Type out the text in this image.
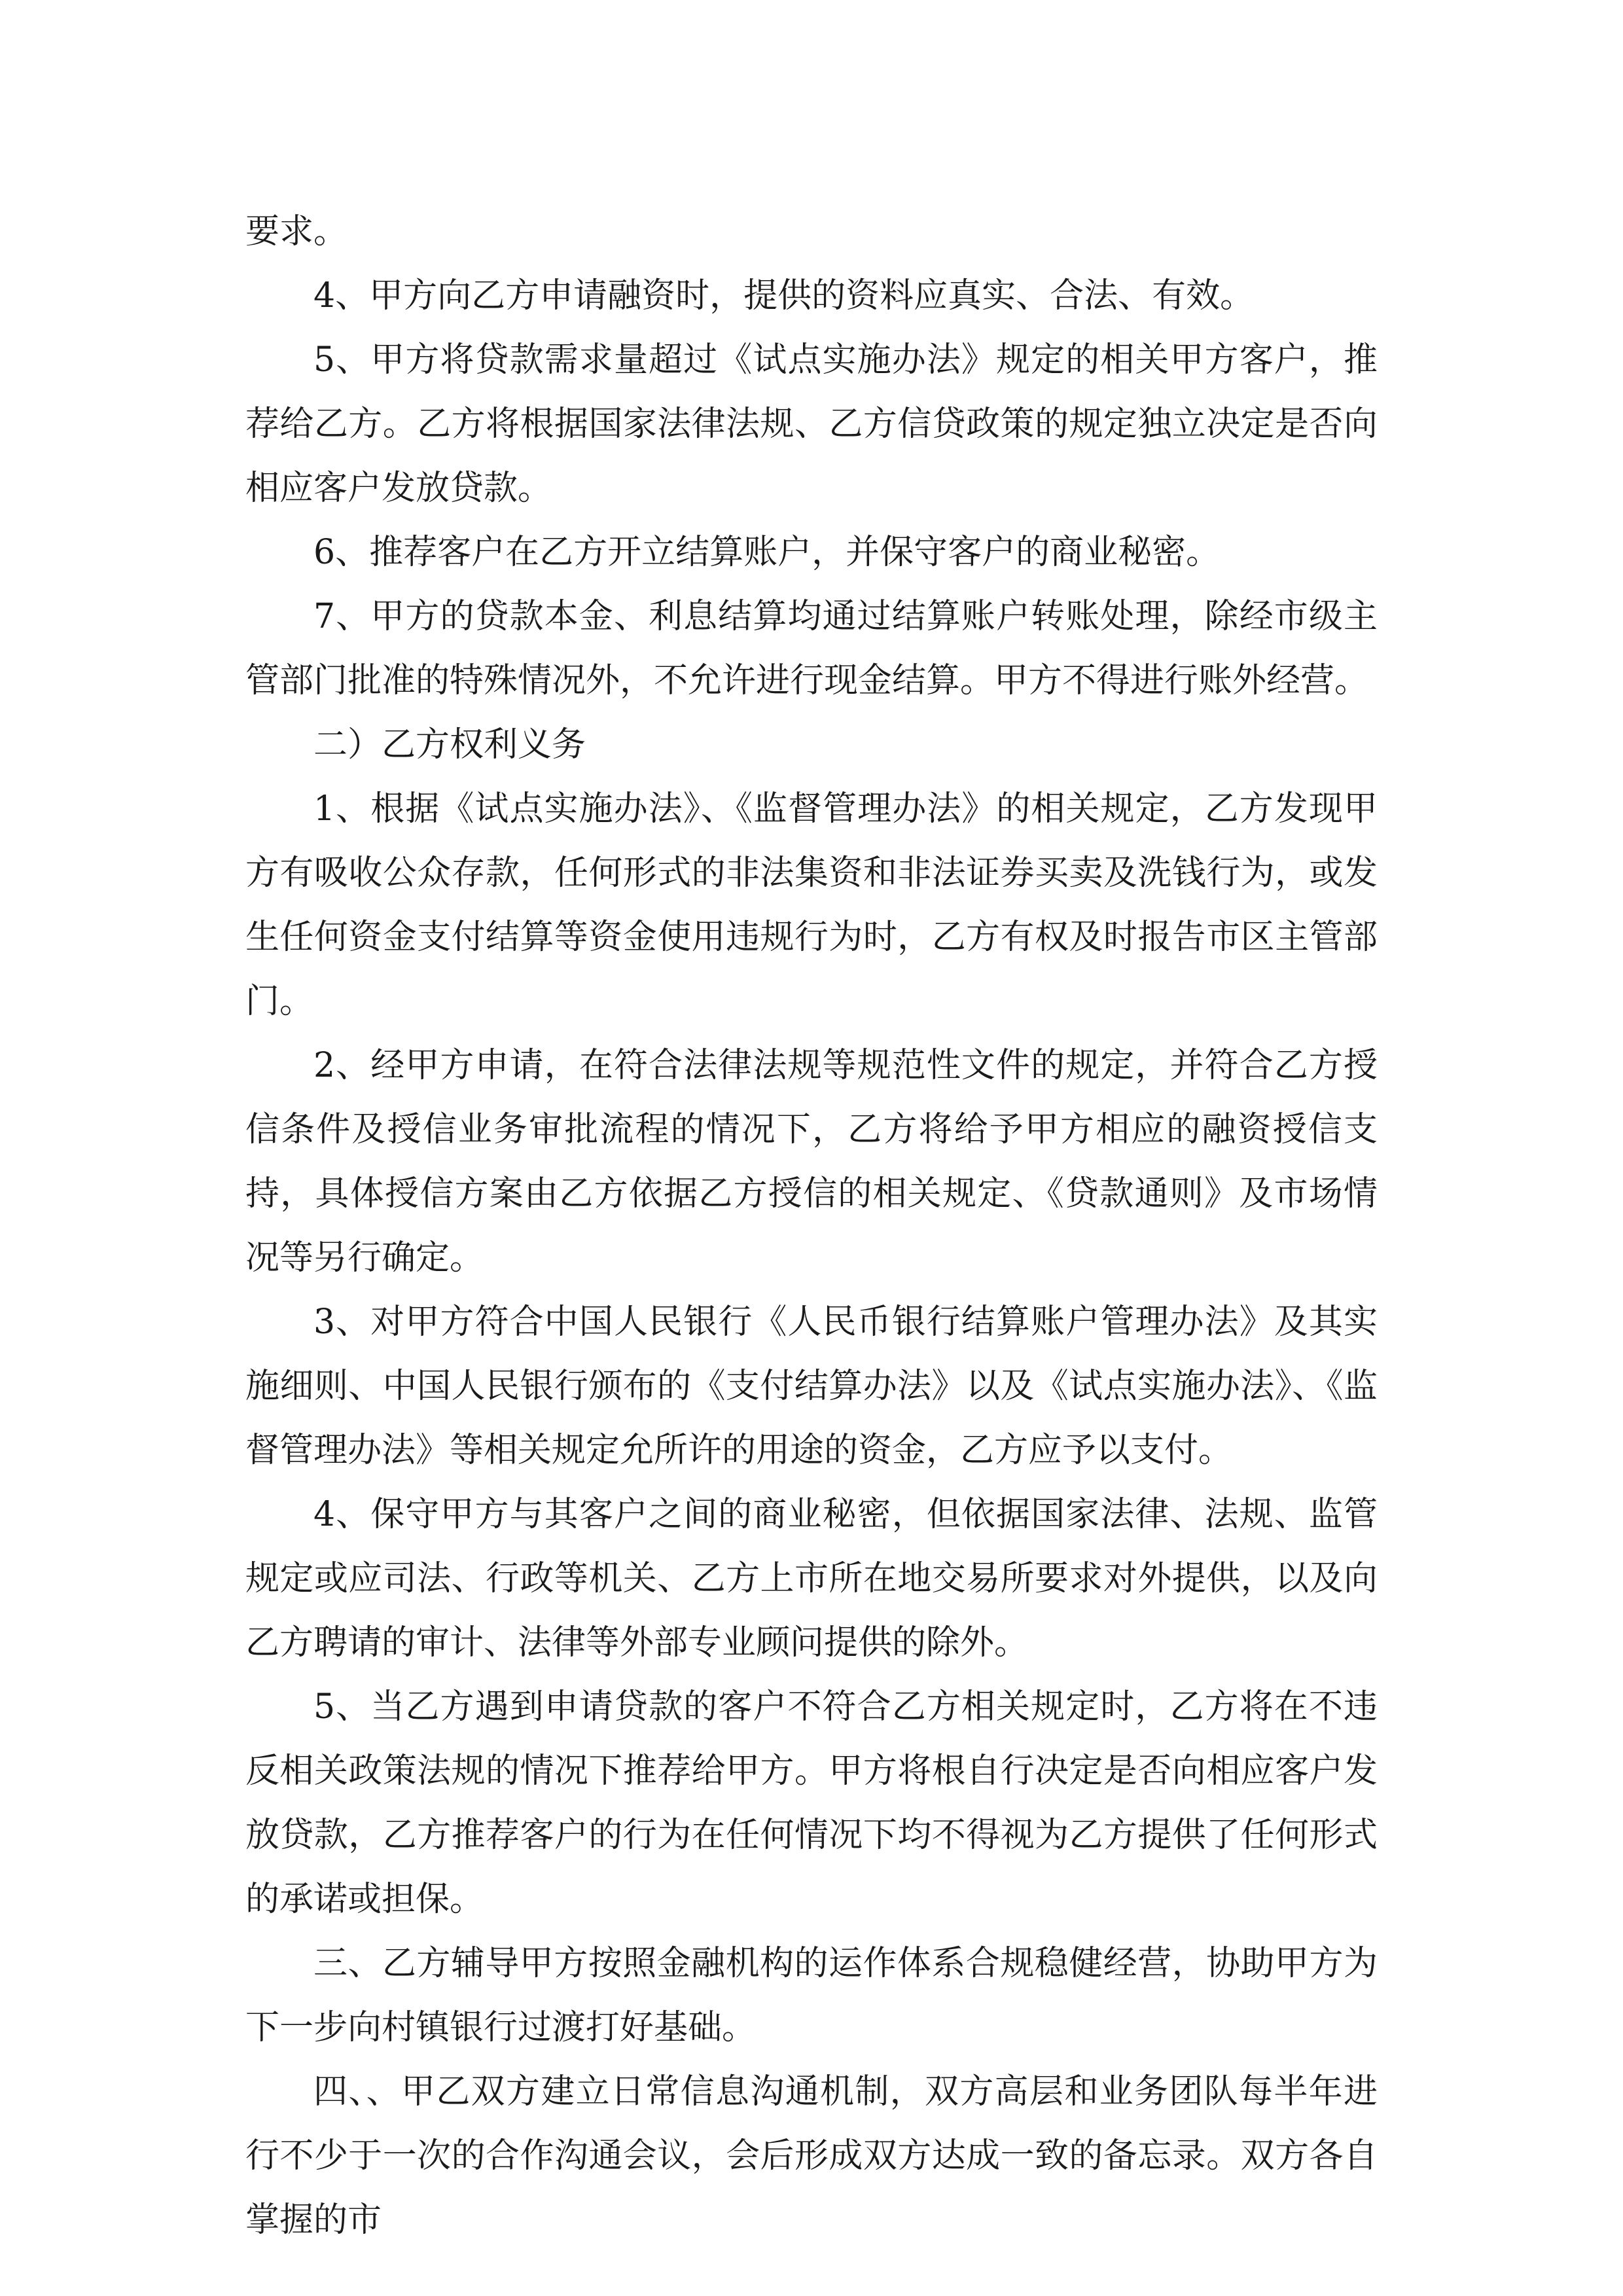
要求。

4、甲方向乙方申请融资时，提供的资料应真实、合法、有效。

5、甲方将贷款需求量超过《试点实施办法》规定的相关甲方客户，推荐给乙方。乙方将根据国家法律法规、乙方信贷政策的规定独立决定是否向相应客户发放贷款。

6、推荐客户在乙方开立结算账户，并保守客户的商业秘密。

7、甲方的贷款本金、利息结算均通过结算账户转账处理，除经市级主管部门批准的特殊情况外，不允许进行现金结算。甲方不得进行账外经营。

二）乙方权利义务

1、根据《试点实施办法》、《监督管理办法》的相关规定，乙方发现甲方有吸收公众存款，任何形式的非法集资和非法证券买卖及洗钱行为，或发生任何资金支付结算等资金使用违规行为时，乙方有权及时报告市区主管部门。

2、经甲方申请，在符合法律法规等规范性文件的规定，并符合乙方授信条件及授信业务审批流程的情况下，乙方将给予甲方相应的融资授信支持，具体授信方案由乙方依据乙方授信的相关规定、《贷款通则》及市场情况等另行确定。

3、对甲方符合中国人民银行《人民币银行结算账户管理办法》及其实施细则、中国人民银行颁布的《支付结算办法》以及《试点实施办法》、《监督管理办法》等相关规定允所许的用途的资金，乙方应予以支付。

4、保守甲方与其客户之间的商业秘密，但依据国家法律、法规、监管规定或应司法、行政等机关、乙方上市所在地交易所要求对外提供，以及向乙方聘请的审计、法律等外部专业顾问提供的除外。

5、当乙方遇到申请贷款的客户不符合乙方相关规定时，乙方将在不违反相关政策法规的情况下推荐给甲方。甲方将根自行决定是否向相应客户发放贷款，乙方推荐客户的行为在任何情况下均不得视为乙方提供了任何形式的承诺或担保。

三、乙方辅导甲方按照金融机构的运作体系合规稳健经营，协助甲方为下一步向村镇银行过渡打好基础。

四、、甲乙双方建立日常信息沟通机制，双方高层和业务团队每半年进行不少于一次的合作沟通会议，会后形成双方达成一致的备忘录。双方各自掌握的市
